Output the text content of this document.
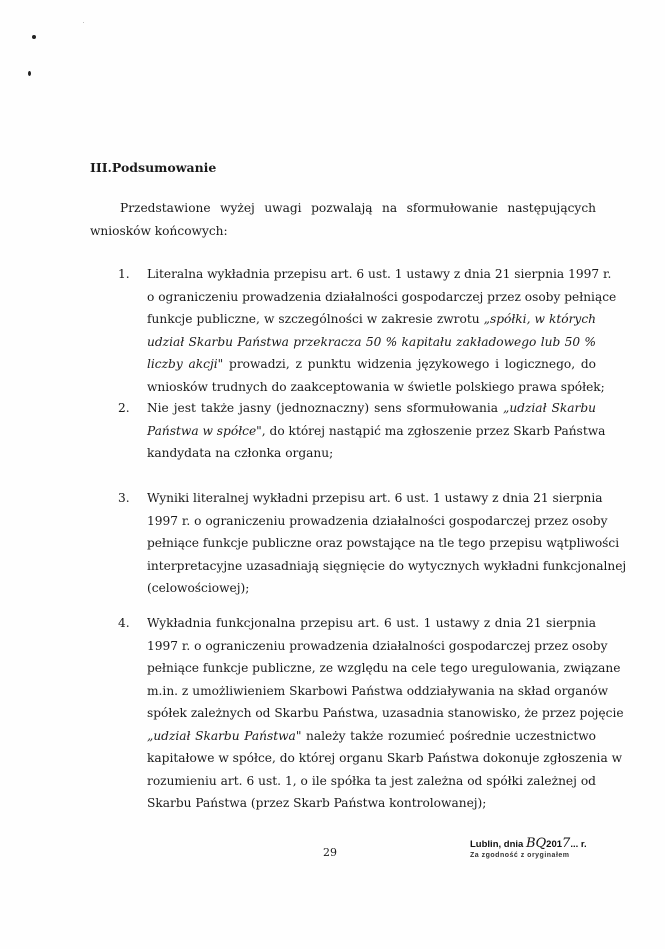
III.Podsumowanie
Przedstawione wyżej uwagi pozwalają na sformułowanie następujących
wniosków końcowych:
1. Literalna wykładnia przepisu art. 6 ust. 1 ustawy z dnia 21 sierpnia 1997 r.
o ograniczeniu prowadzenia działalności gospodarczej przez osoby pełniące
funkcje publiczne, w szczególności w zakresie zwrotu „spółki, w których
udział Skarbu Państwa przekracza 50 % kapitału zakładowego lub 50 %
liczby akcji" prowadzi, z punktu widzenia językowego i logicznego, do
wniosków trudnych do zaakceptowania w świetle polskiego prawa spółek;
2. Nie jest także jasny (jednoznaczny) sens sformułowania „udział Skarbu
Państwa w spółce", do której nastąpić ma zgłoszenie przez Skarb Państwa
kandydata na członka organu;
3. Wyniki literalnej wykładni przepisu art. 6 ust. 1 ustawy z dnia 21 sierpnia
1997 r. o ograniczeniu prowadzenia działalności gospodarczej przez osoby
pełniące funkcje publiczne oraz powstające na tle tego przepisu wątpliwości
interpretacyjne uzasadniają sięgnięcie do wytycznych wykładni funkcjonalnej
(celowościowej);
4. Wykładnia funkcjonalna przepisu art. 6 ust. 1 ustawy z dnia 21 sierpnia
1997 r. o ograniczeniu prowadzenia działalności gospodarczej przez osoby
pełniące funkcje publiczne, ze względu na cele tego uregulowania, związane
m.in. z umożliwieniem Skarbowi Państwa oddziaływania na skład organów
spółek zależnych od Skarbu Państwa, uzasadnia stanowisko, że przez pojęcie
„udział Skarbu Państwa" należy także rozumieć pośrednie uczestnictwo
kapitałowe w spółce, do której organu Skarb Państwa dokonuje zgłoszenia w
rozumieniu art. 6 ust. 1, o ile spółka ta jest zależna od spółki zależnej od
Skarbu Państwa (przez Skarb Państwa kontrolowanej);
29
Lublin, dnia BQ2017... r.
Za zgodność z oryginałem
